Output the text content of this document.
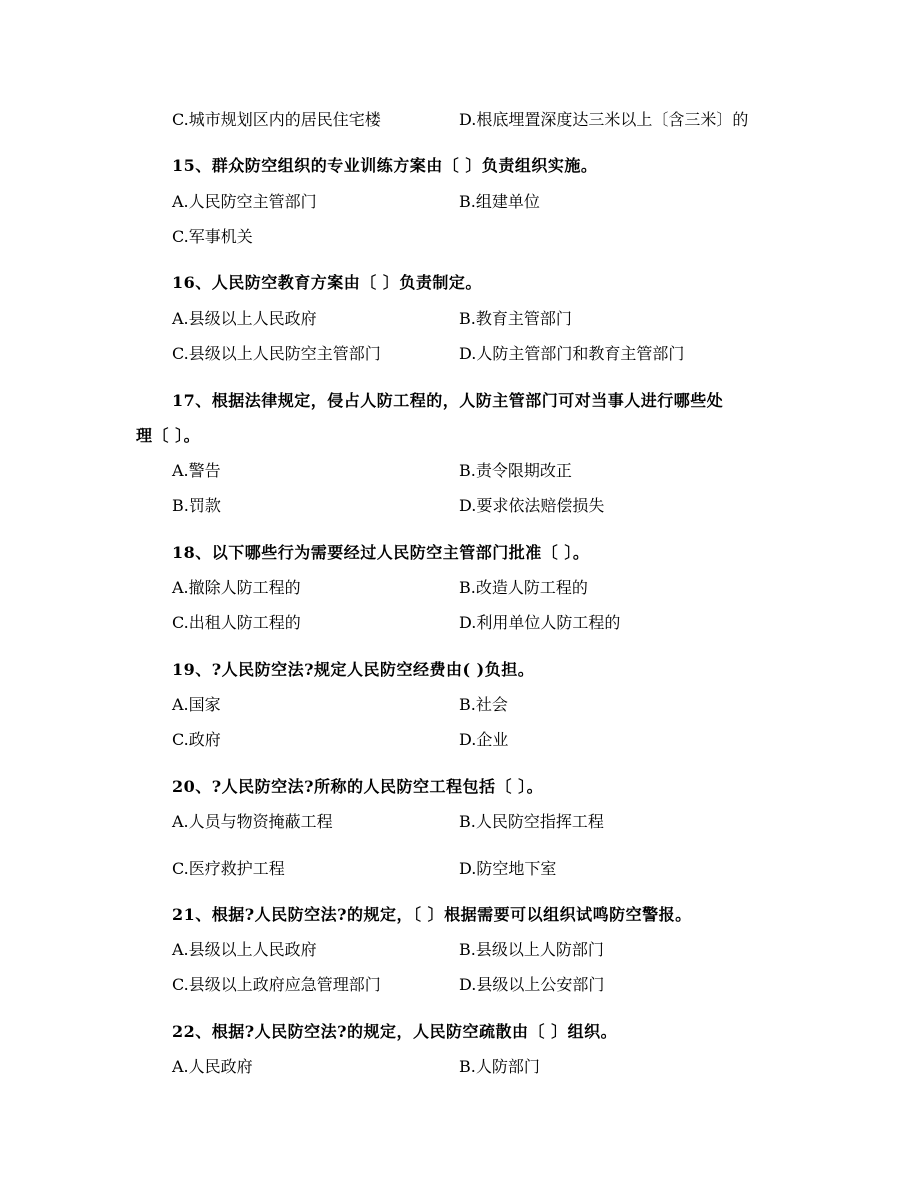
C.城市规划区内的居民住宅楼	D.根底埋置深度达三米以上〔含三米〕的
15、群众防空组织的专业训练方案由〔 〕负责组织实施。
A.人民防空主管部门	B.组建单位
C.军事机关
16、人民防空教育方案由〔 〕负责制定。
A.县级以上人民政府	B.教育主管部门
C.县级以上人民防空主管部门	D.人防主管部门和教育主管部门
17、根据法律规定，侵占人防工程的，人防主管部门可对当事人进行哪些处
理〔 〕。
A.警告	B.责令限期改正
B.罚款	D.要求依法赔偿损失
18、以下哪些行为需要经过人民防空主管部门批准〔 〕。
A.撤除人防工程的	B.改造人防工程的
C.出租人防工程的	D.利用单位人防工程的
19、?人民防空法?规定人民防空经费由( )负担。
A.国家	B.社会
C.政府	D.企业
20、?人民防空法?所称的人民防空工程包括〔 〕。
A.人员与物资掩蔽工程	B.人民防空指挥工程
C.医疗救护工程	D.防空地下室
21、根据?人民防空法?的规定，〔 〕根据需要可以组织试鸣防空警报。
A.县级以上人民政府	B.县级以上人防部门
C.县级以上政府应急管理部门	D.县级以上公安部门
22、根据?人民防空法?的规定，人民防空疏散由〔 〕组织。
A.人民政府	B.人防部门
